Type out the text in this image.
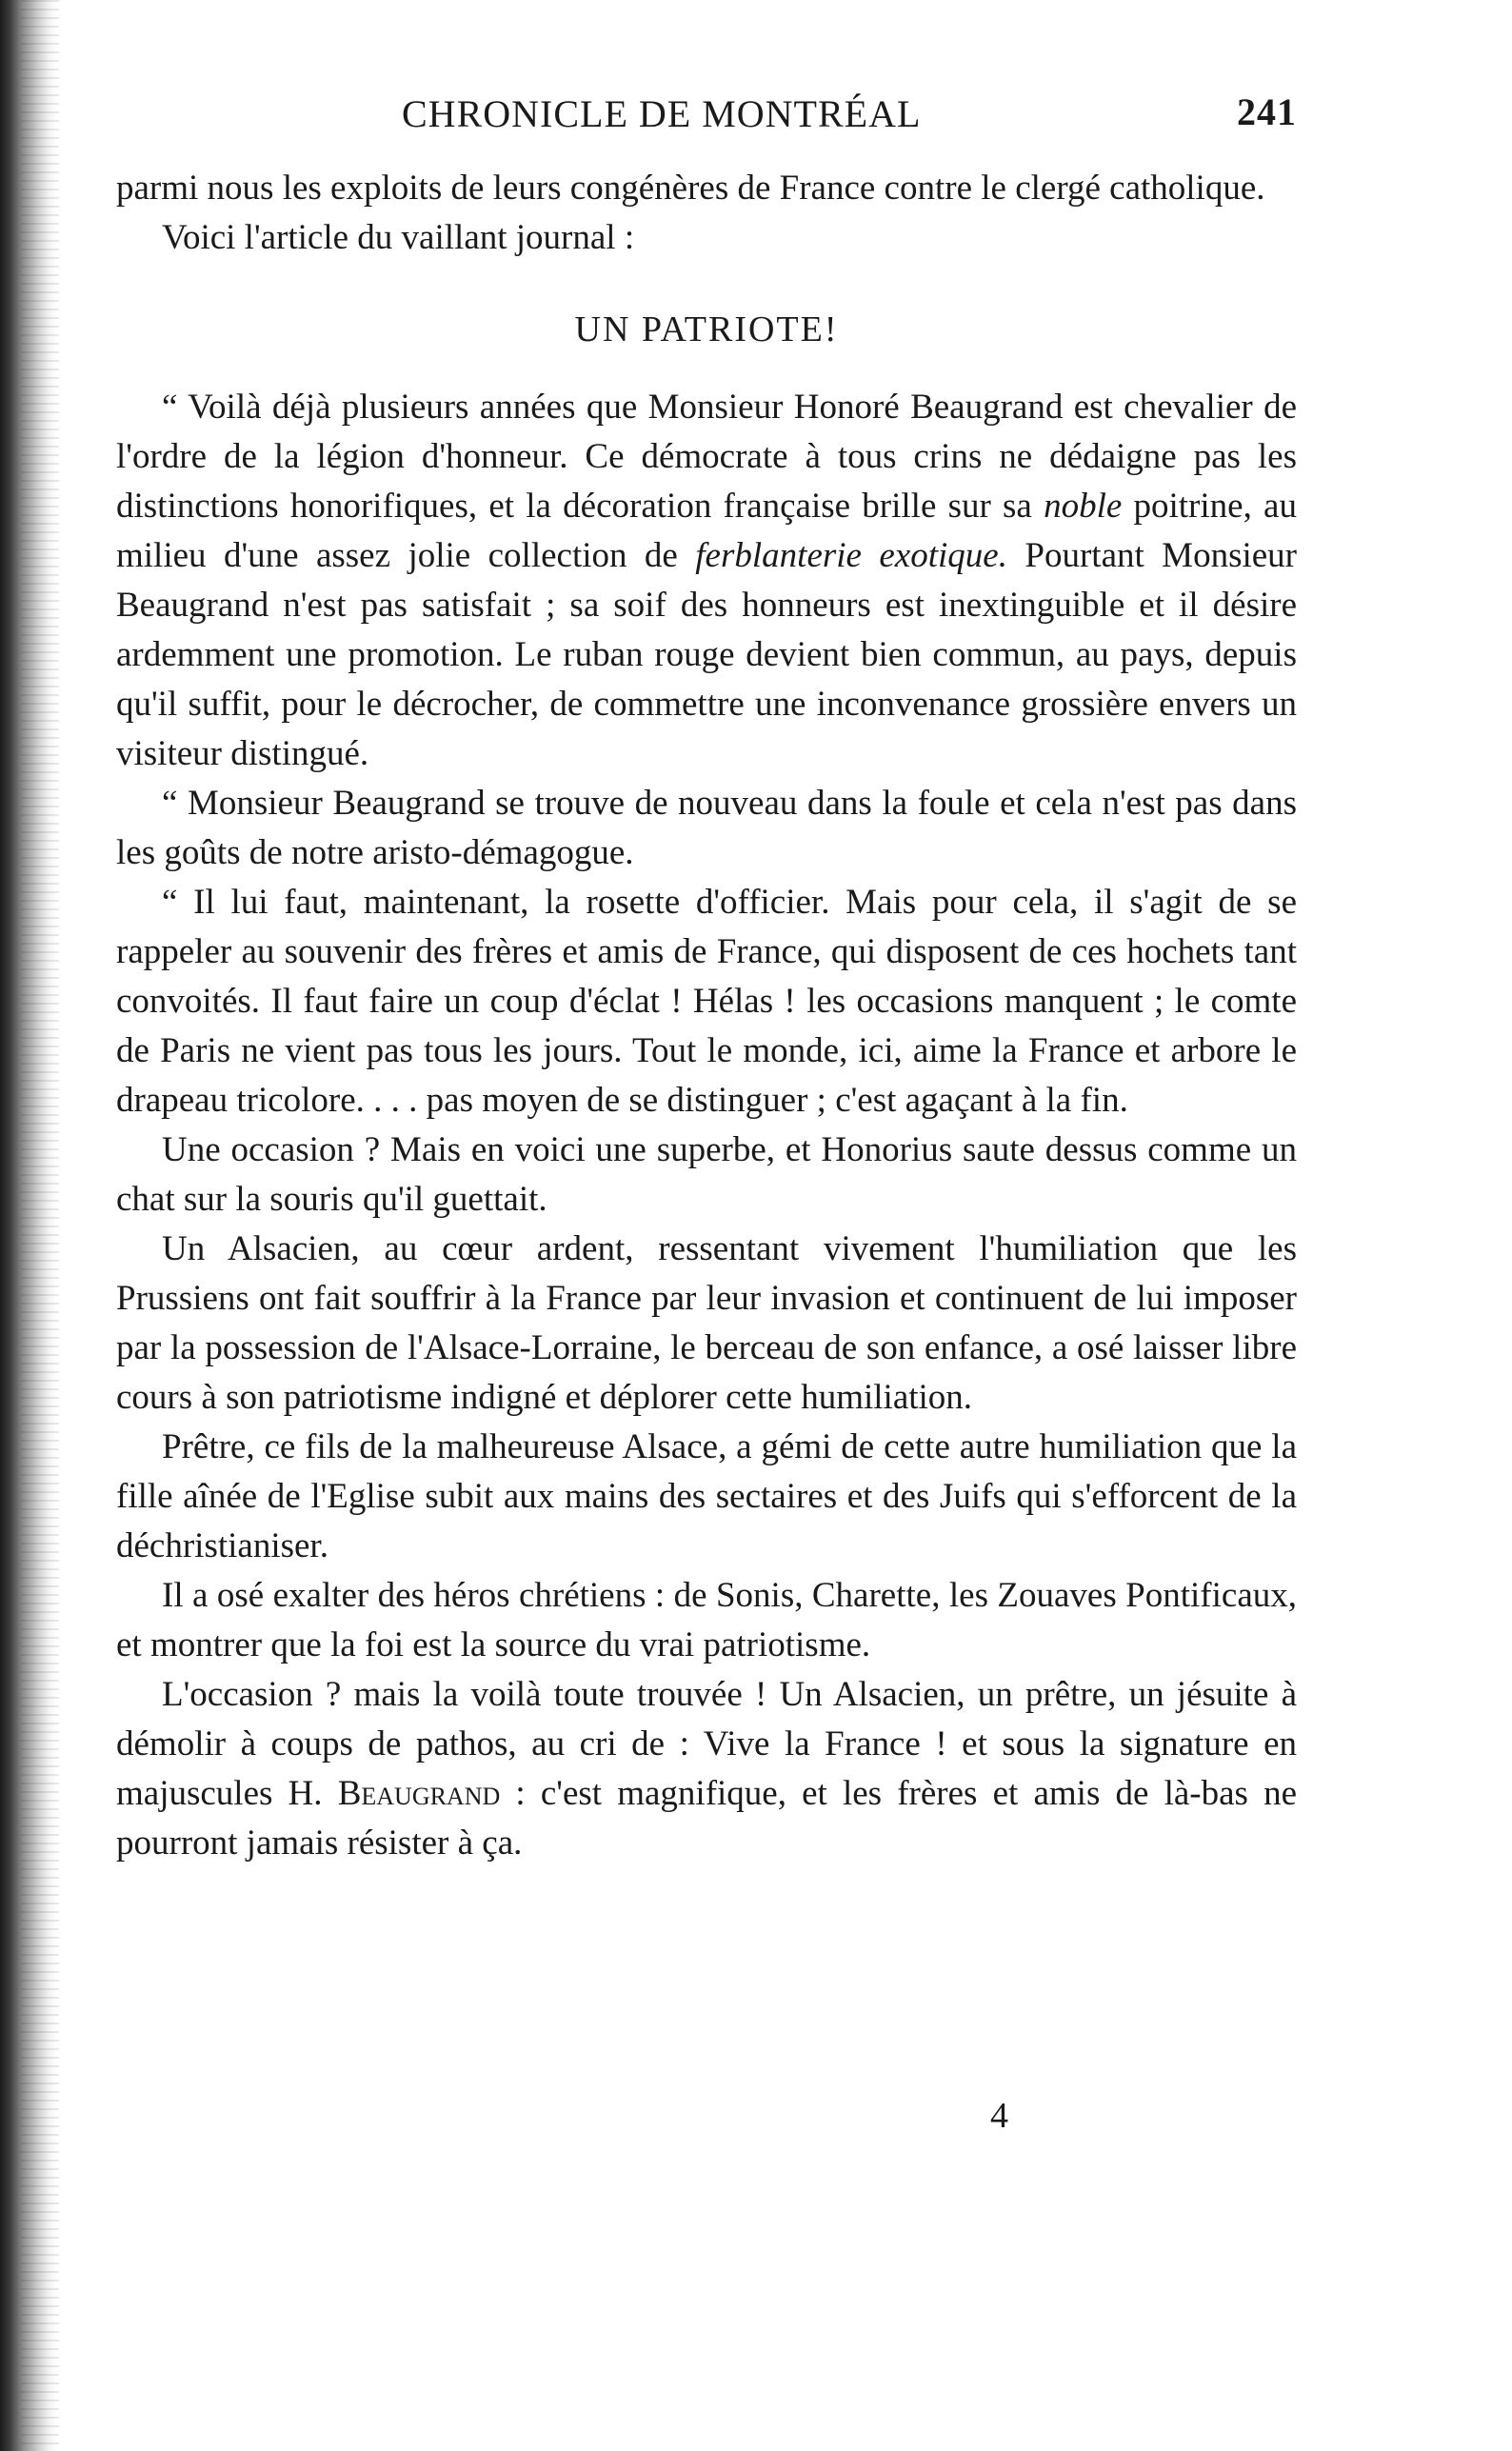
CHRONICLE DE MONTRÉAL	241

parmi nous les exploits de leurs congénères de France contre le clergé catholique.

Voici l'article du vaillant journal :

UN PATRIOTE!

“ Voilà déjà plusieurs années que Monsieur Honoré Beaugrand est chevalier de l'ordre de la légion d'honneur. Ce démocrate à tous crins ne dédaigne pas les distinctions honorifiques, et la décoration française brille sur sa noble poitrine, au milieu d'une assez jolie collection de ferblanterie exotique. Pourtant Monsieur Beaugrand n'est pas satisfait ; sa soif des honneurs est inextinguible et il désire ardemment une promotion. Le ruban rouge devient bien commun, au pays, depuis qu'il suffit, pour le décrocher, de commettre une inconvenance grossière envers un visiteur distingué.

“ Monsieur Beaugrand se trouve de nouveau dans la foule et cela n'est pas dans les goûts de notre aristo-démagogue.

“ Il lui faut, maintenant, la rosette d'officier. Mais pour cela, il s'agit de se rappeler au souvenir des frères et amis de France, qui disposent de ces hochets tant convoités. Il faut faire un coup d'éclat ! Hélas ! les occasions manquent ; le comte de Paris ne vient pas tous les jours. Tout le monde, ici, aime la France et arbore le drapeau tricolore. . . . pas moyen de se distinguer ; c'est agaçant à la fin.

Une occasion ? Mais en voici une superbe, et Honorius saute dessus comme un chat sur la souris qu'il guettait.

Un Alsacien, au cœur ardent, ressentant vivement l'humiliation que les Prussiens ont fait souffrir à la France par leur invasion et continuent de lui imposer par la possession de l'Alsace-Lorraine, le berceau de son enfance, a osé laisser libre cours à son patriotisme indigné et déplorer cette humiliation.

Prêtre, ce fils de la malheureuse Alsace, a gémi de cette autre humiliation que la fille aînée de l'Eglise subit aux mains des sectaires et des Juifs qui s'efforcent de la déchristianiser.

Il a osé exalter des héros chrétiens : de Sonis, Charette, les Zouaves Pontificaux, et montrer que la foi est la source du vrai patriotisme.

L'occasion ? mais la voilà toute trouvée ! Un Alsacien, un prêtre, un jésuite à démolir à coups de pathos, au cri de : Vive la France ! et sous la signature en majuscules H. Beaugrand : c'est magnifique, et les frères et amis de là-bas ne pourront jamais résister à ça.

4
